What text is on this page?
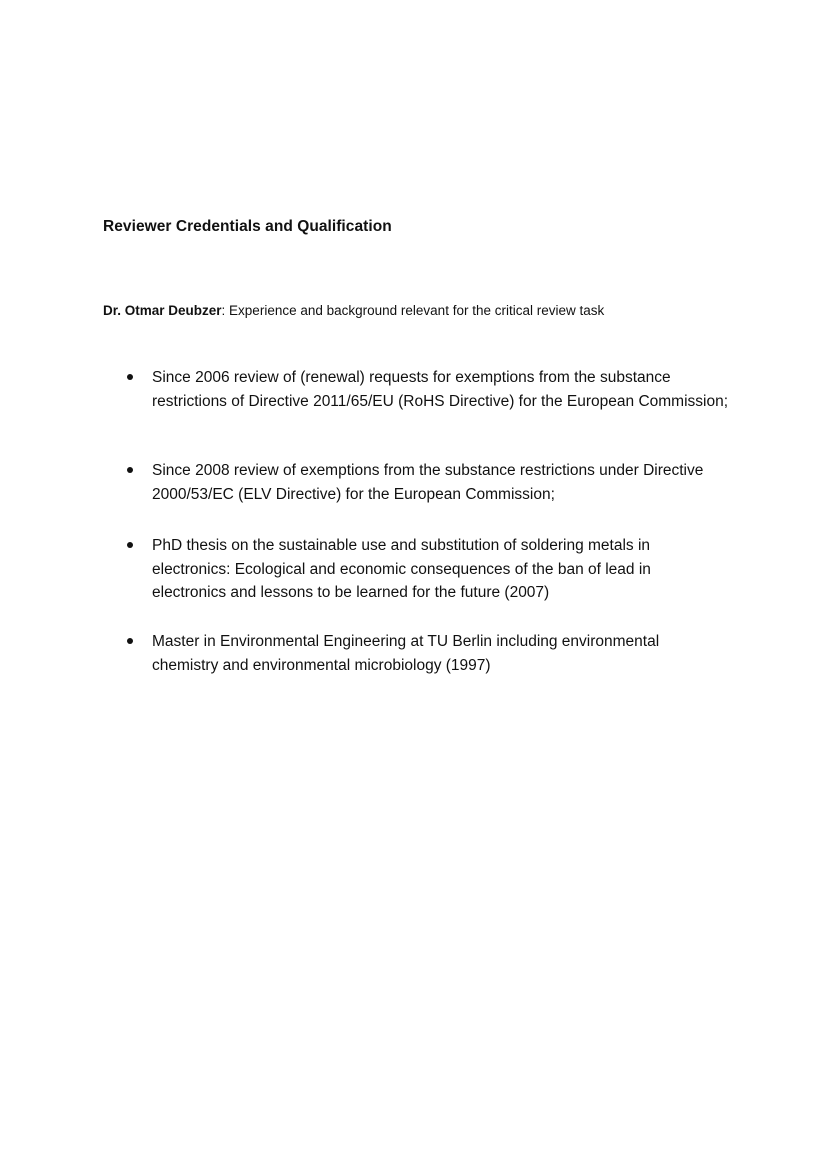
Reviewer Credentials and Qualification
Dr. Otmar Deubzer: Experience and background relevant for the critical review task
Since 2006 review of (renewal) requests for exemptions from the substance
restrictions of Directive 2011/65/EU (RoHS Directive) for the European Commission;
Since 2008 review of exemptions from the substance restrictions under Directive
2000/53/EC (ELV Directive) for the European Commission;
PhD thesis on the sustainable use and substitution of soldering metals in
electronics: Ecological and economic consequences of the ban of lead in
electronics and lessons to be learned for the future (2007)
Master in Environmental Engineering at TU Berlin including environmental
chemistry and environmental microbiology (1997)
